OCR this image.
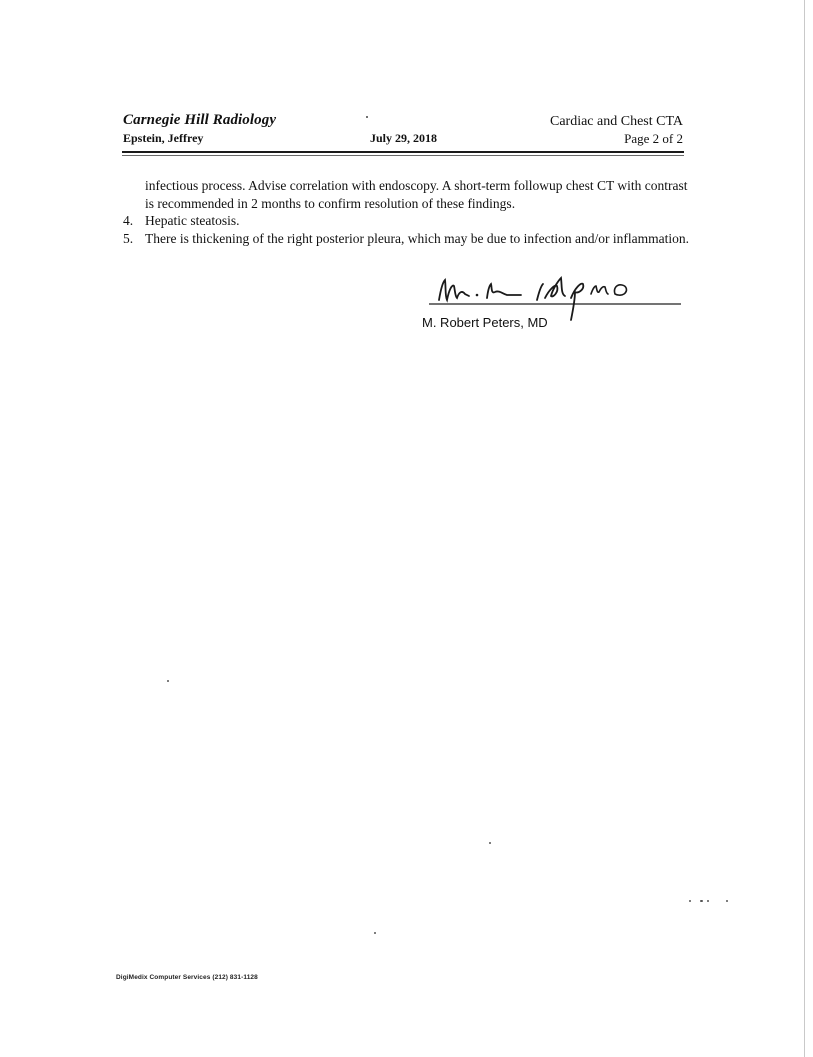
Carnegie Hill Radiology
Epstein, Jeffrey	July 29, 2018
Cardiac and Chest CTA
Page 2 of 2
infectious process. Advise correlation with endoscopy. A short-term followup chest CT with contrast is recommended in 2 months to confirm resolution of these findings.
4. Hepatic steatosis.
5. There is thickening of the right posterior pleura, which may be due to infection and/or inflammation.
M. Robert Peters, MD
DigiMedix Computer Services (212) 831-1128
